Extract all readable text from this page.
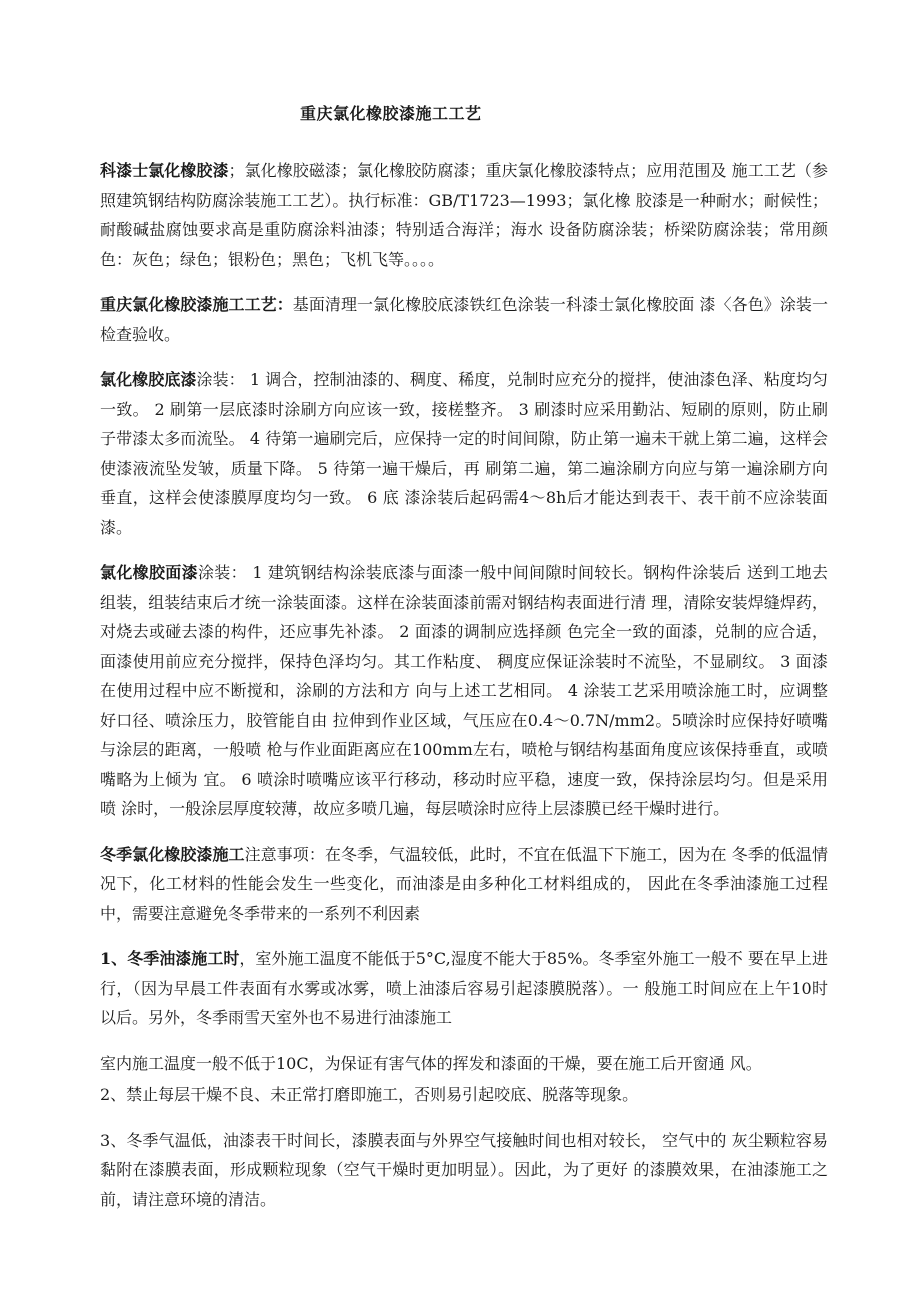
重庆氯化橡胶漆施工工艺

科漆士氯化橡胶漆；氯化橡胶磁漆；氯化橡胶防腐漆；重庆氯化橡胶漆特点；应用范围及 施工工艺（参照建筑钢结构防腐涂装施工工艺）。执行标准：GB/T1723—1993；氯化橡 胶漆是一种耐水；耐候性；耐酸碱盐腐蚀要求高是重防腐涂料油漆；特别适合海洋；海水 设备防腐涂装；桥梁防腐涂装；常用颜色：灰色；绿色；银粉色；黑色；飞机飞等。。。。

重庆氯化橡胶漆施工工艺：基面清理一氯化橡胶底漆铁红色涂装一科漆士氯化橡胶面 漆〈各色》涂装一检查验收。

氯化橡胶底漆涂装： 1 调合，控制油漆的、稠度、稀度，兑制时应充分的搅拌，使油漆色泽、粘度均匀一致。 2 刷第一层底漆时涂刷方向应该一致，接槎整齐。 3 刷漆时应采用勤沾、短刷的原则，防止刷子带漆太多而流坠。 4 待第一遍刷完后，应保持一定的时间间隙，防止第一遍未干就上第二遍，这样会使漆液流坠发皱，质量下降。 5 待第一遍干燥后，再 刷第二遍，第二遍涂刷方向应与第一遍涂刷方向垂直，这样会使漆膜厚度均匀一致。 6 底 漆涂装后起码需4〜8h后才能达到表干、表干前不应涂装面漆。

氯化橡胶面漆涂装： 1 建筑钢结构涂装底漆与面漆一般中间间隙时间较长。钢构件涂装后 送到工地去组装，组装结束后才统一涂装面漆。这样在涂装面漆前需对钢结构表面进行清 理，清除安装焊缝焊药，对烧去或碰去漆的构件，还应事先补漆。 2 面漆的调制应选择颜 色完全一致的面漆，兑制的应合适，面漆使用前应充分搅拌，保持色泽均匀。其工作粘度、 稠度应保证涂装时不流坠，不显刷纹。 3 面漆在使用过程中应不断搅和，涂刷的方法和方 向与上述工艺相同。 4 涂装工艺采用喷涂施工时，应调整好口径、喷涂压力，胶管能自由 拉伸到作业区域，气压应在0.4〜0.7N/mm2。5喷涂时应保持好喷嘴与涂层的距离，一般喷 枪与作业面距离应在100mm左右，喷枪与钢结构基面角度应该保持垂直，或喷嘴略为上倾为 宜。 6 喷涂时喷嘴应该平行移动，移动时应平稳，速度一致，保持涂层均匀。但是采用喷 涂时，一般涂层厚度较薄，故应多喷几遍，每层喷涂时应待上层漆膜已经干燥时进行。

冬季氯化橡胶漆施工注意事项：在冬季，气温较低，此时，不宜在低温下下施工，因为在 冬季的低温情况下，化工材料的性能会发生一些变化，而油漆是由多种化工材料组成的， 因此在冬季油漆施工过程中，需要注意避免冬季带来的一系列不利因素

1、冬季油漆施工时，室外施工温度不能低于5°C,湿度不能大于85%。冬季室外施工一般不 要在早上进行，（因为早晨工件表面有水雾或冰雾，喷上油漆后容易引起漆膜脱落）。一 般施工时间应在上午10时以后。另外，冬季雨雪天室外也不易进行油漆施工

室内施工温度一般不低于10C，为保证有害气体的挥发和漆面的干燥，要在施工后开窗通 风。

2、禁止每层干燥不良、未正常打磨即施工，否则易引起咬底、脱落等现象。

3、冬季气温低，油漆表干时间长，漆膜表面与外界空气接触时间也相对较长， 空气中的 灰尘颗粒容易黏附在漆膜表面，形成颗粒现象（空气干燥时更加明显）。因此，为了更好 的漆膜效果，在油漆施工之前，请注意环境的清洁。
